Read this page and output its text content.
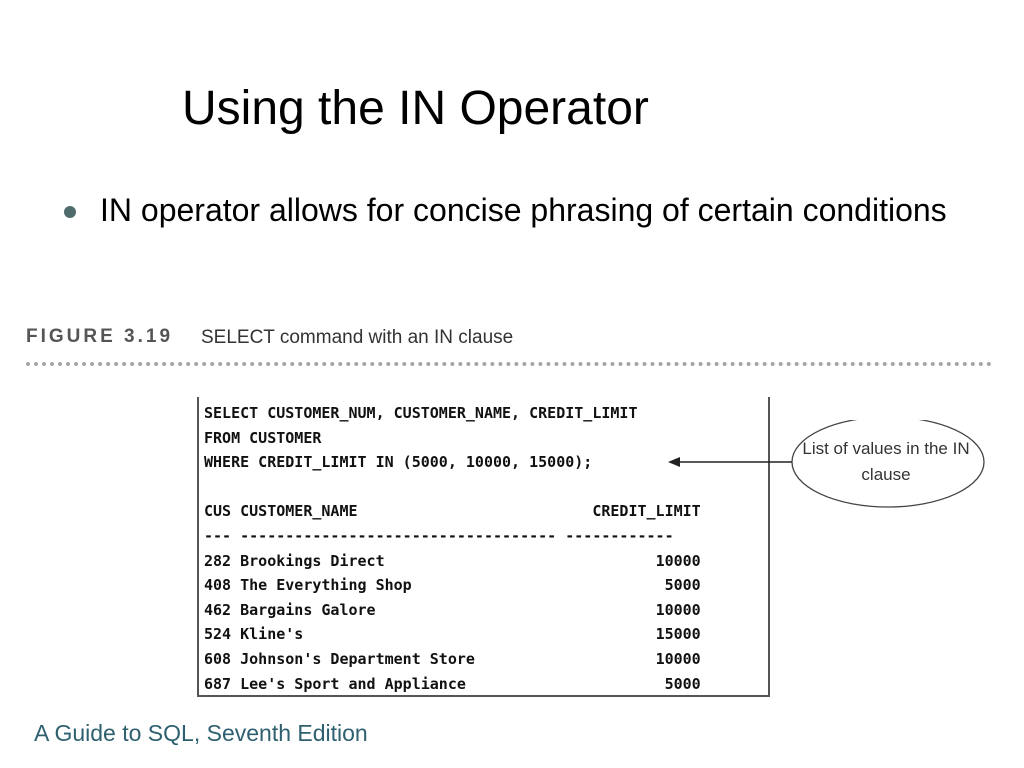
Using the IN Operator
IN operator allows for concise phrasing of certain conditions
FIGURE 3.19 SELECT command with an IN clause
SELECT CUSTOMER_NUM, CUSTOMER_NAME, CREDIT_LIMIT
FROM CUSTOMER
WHERE CREDIT_LIMIT IN (5000, 10000, 15000);
CUS CUSTOMER_NAME                          CREDIT_LIMIT
--- ----------------------------------- ------------
282 Brookings Direct	10000
408 The Everything Shop	5000
462 Bargains Galore	10000
524 Kline's	15000
608 Johnson's Department Store	10000
687 Lee's Sport and Appliance	5000
List of values in the IN clause
A Guide to SQL, Seventh Edition
